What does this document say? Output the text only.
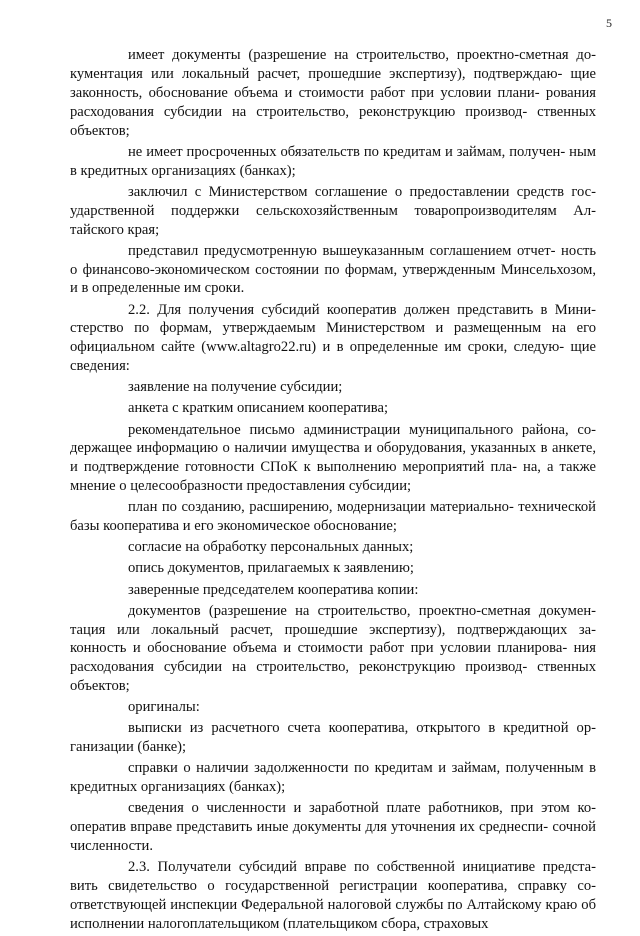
5

имеет документы (разрешение на строительство, проектно-сметная до- кументация или локальный расчет, прошедшие экспертизу), подтверждаю- щие законность, обоснование объема и стоимости работ при условии плани- рования расходования субсидии на строительство, реконструкцию производ- ственных объектов;

не имеет просроченных обязательств по кредитам и займам, получен- ным в кредитных организациях (банках);

заключил с Министерством соглашение о предоставлении средств гос- ударственной поддержки сельскохозяйственным товаропроизводителям Ал- тайского края;

представил предусмотренную вышеуказанным соглашением отчет- ность о финансово-экономическом состоянии по формам, утвержденным Минсельхозом, и в определенные им сроки.

2.2. Для получения субсидий кооператив должен представить в Мини- стерство по формам, утверждаемым Министерством и размещенным на его официальном сайте (www.altagro22.ru) и в определенные им сроки, следую- щие сведения:

заявление на получение субсидии;

анкета с кратким описанием кооператива;

рекомендательное письмо администрации муниципального района, со- держащее информацию о наличии имущества и оборудования, указанных в анкете, и подтверждение готовности СПоК к выполнению мероприятий пла- на, а также мнение о целесообразности предоставления субсидии;

план по созданию, расширению, модернизации материально- технической базы кооператива и его экономическое обоснование;

согласие на обработку персональных данных;

опись документов, прилагаемых к заявлению;

заверенные председателем кооператива копии:

документов (разрешение на строительство, проектно-сметная докумен- тация или локальный расчет, прошедшие экспертизу), подтверждающих за- конность и обоснование объема и стоимости работ при условии планирова- ния расходования субсидии на строительство, реконструкцию производ- ственных объектов;

оригиналы:

выписки из расчетного счета кооператива, открытого в кредитной ор- ганизации (банке);

справки о наличии задолженности по кредитам и займам, полученным в кредитных организациях (банках);

сведения о численности и заработной плате работников, при этом ко- оператив вправе представить иные документы для уточнения их среднеспи- сочной численности.

2.3. Получатели субсидий вправе по собственной инициативе предста- вить свидетельство о государственной регистрации кооператива, справку со- ответствующей инспекции Федеральной налоговой службы по Алтайскому краю об исполнении налогоплательщиком (плательщиком сбора, страховых
